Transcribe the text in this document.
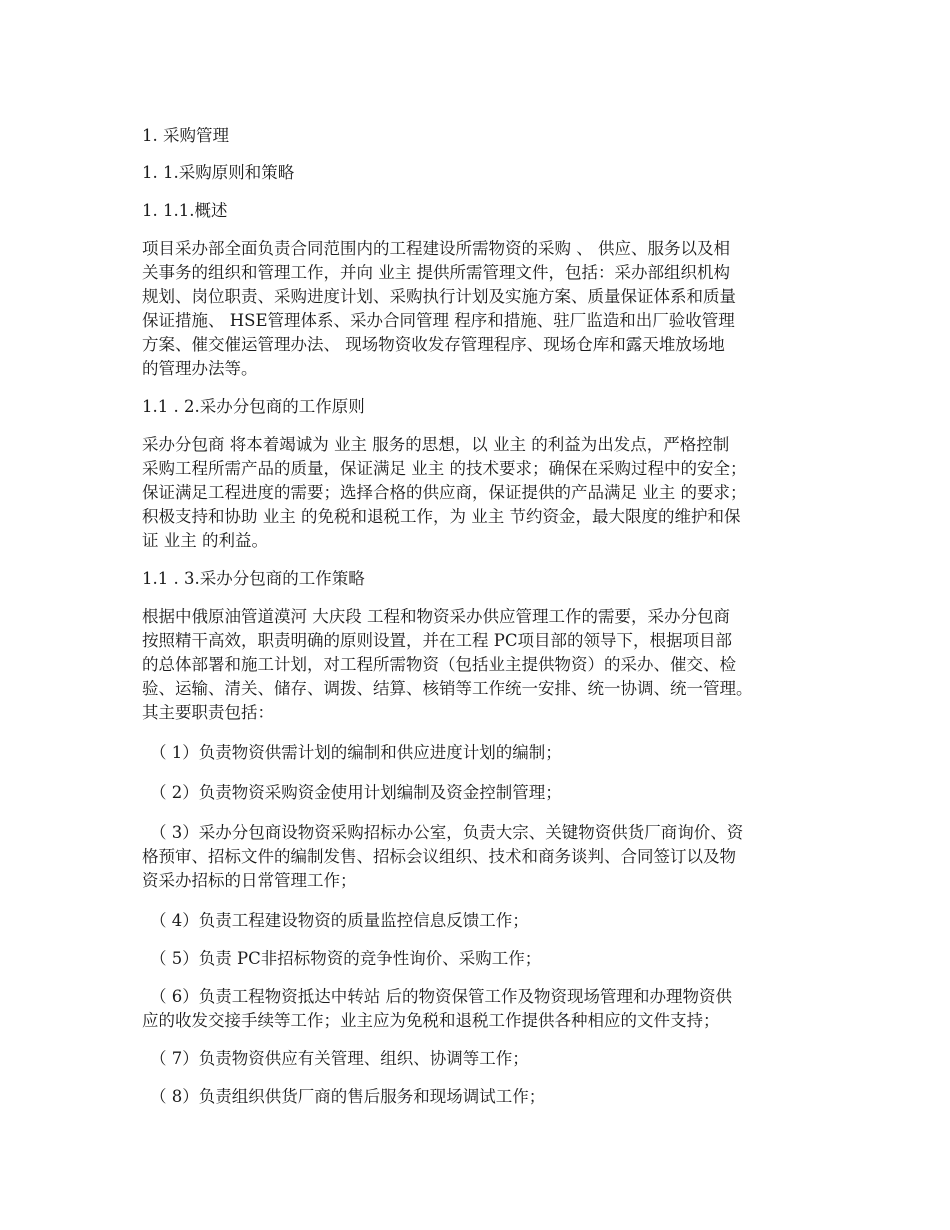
1. 采购管理
1. 1.采购原则和策略
1. 1.1.概述
项目采办部全面负责合同范围内的工程建设所需物资的采购 、 供应、服务以及相
关事务的组织和管理工作，并向 业主 提供所需管理文件，包括：采办部组织机构
规划、岗位职责、采购进度计划、采购执行计划及实施方案、质量保证体系和质量
保证措施、 HSE管理体系、采办合同管理 程序和措施、驻厂监造和出厂验收管理
方案、催交催运管理办法、 现场物资收发存管理程序、现场仓库和露天堆放场地
的管理办法等。
1.1 . 2.采办分包商的工作原则
采办分包商 将本着竭诚为 业主 服务的思想，以 业主 的利益为出发点，严格控制
采购工程所需产品的质量，保证满足 业主 的技术要求；确保在采购过程中的安全；
保证满足工程进度的需要；选择合格的供应商，保证提供的产品满足 业主 的要求；
积极支持和协助 业主 的免税和退税工作，为 业主 节约资金，最大限度的维护和保
证 业主 的利益。
1.1 . 3.采办分包商的工作策略
根据中俄原油管道漠河 大庆段 工程和物资采办供应管理工作的需要，采办分包商
按照精干高效，职责明确的原则设置，并在工程 PC项目部的领导下，根据项目部
的总体部署和施工计划，对工程所需物资（包括业主提供物资）的采办、催交、检
验、运输、清关、储存、调拨、结算、核销等工作统一安排、统一协调、统一管理。
其主要职责包括：
（ 1）负责物资供需计划的编制和供应进度计划的编制；
（ 2）负责物资采购资金使用计划编制及资金控制管理；
（ 3）采办分包商设物资采购招标办公室，负责大宗、关键物资供货厂商询价、资
格预审、招标文件的编制发售、招标会议组织、技术和商务谈判、合同签订以及物
资采办招标的日常管理工作；
（ 4）负责工程建设物资的质量监控信息反馈工作；
（ 5）负责 PC非招标物资的竞争性询价、采购工作；
（ 6）负责工程物资抵达中转站 后的物资保管工作及物资现场管理和办理物资供
应的收发交接手续等工作；业主应为免税和退税工作提供各种相应的文件支持；
（ 7）负责物资供应有关管理、组织、协调等工作；
（ 8）负责组织供货厂商的售后服务和现场调试工作；
